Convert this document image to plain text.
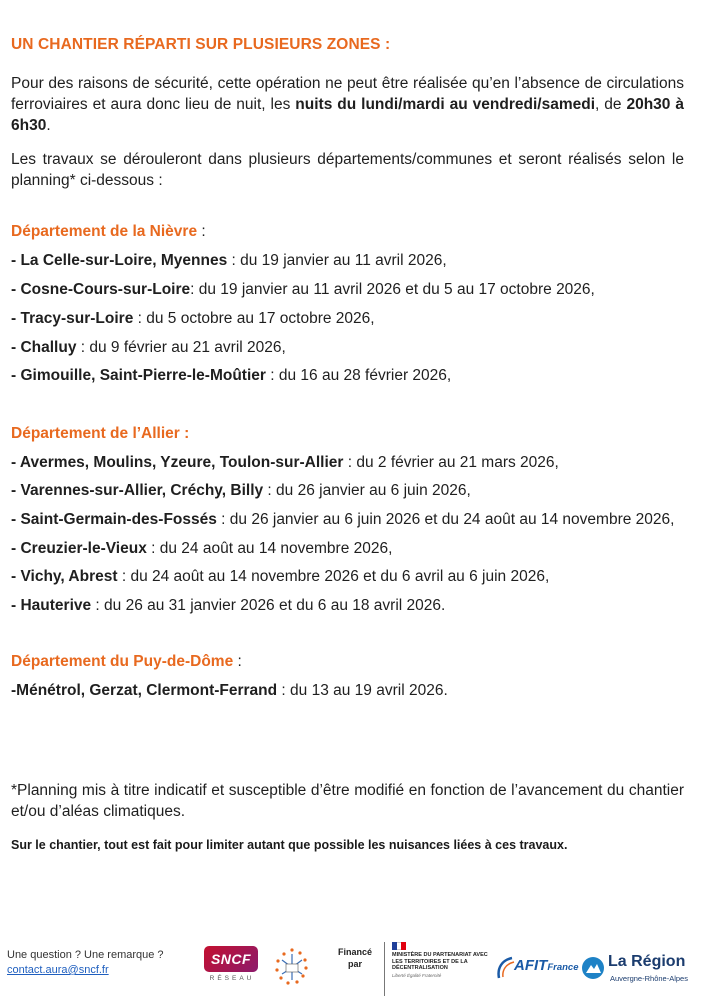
UN CHANTIER RÉPARTI SUR PLUSIEURS ZONES :
Pour des raisons de sécurité, cette opération ne peut être réalisée qu’en l’absence de circulations ferroviaires et aura donc lieu de nuit, les nuits du lundi/mardi au vendredi/samedi, de 20h30 à 6h30.
Les travaux se dérouleront dans plusieurs départements/communes et seront réalisés selon le planning* ci-dessous :
Département de la Nièvre :
- La Celle-sur-Loire, Myennes : du 19 janvier au 11 avril 2026,
- Cosne-Cours-sur-Loire: du 19 janvier au 11 avril 2026 et du 5 au 17 octobre 2026,
- Tracy-sur-Loire : du 5 octobre au 17 octobre 2026,
- Challuy : du 9 février au 21 avril 2026,
- Gimouille, Saint-Pierre-le-Moûtier : du 16 au 28 février 2026,
Département de l’Allier :
- Avermes, Moulins, Yzeure, Toulon-sur-Allier : du 2 février au 21 mars 2026,
- Varennes-sur-Allier, Créchy, Billy : du 26 janvier au 6 juin 2026,
- Saint-Germain-des-Fossés : du 26 janvier au 6 juin 2026 et du 24 août au 14 novembre 2026,
- Creuzier-le-Vieux : du 24 août au 14 novembre 2026,
- Vichy, Abrest : du 24 août au 14 novembre 2026 et du 6 avril au 6 juin 2026,
- Hauterive : du 26 au 31 janvier 2026 et du 6 au 18 avril 2026.
Département du Puy-de-Dôme :
-Ménétrol, Gerzat, Clermont-Ferrand : du 13 au 19 avril 2026.
*Planning mis à titre indicatif et susceptible d’être modifié en fonction de l’avancement du chantier et/ou d’aléas climatiques.
Sur le chantier, tout est fait pour limiter autant que possible les nuisances liées à ces travaux.
Une question ? Une remarque ?
contact.aura@sncf.fr
SNCF
RÉSEAU
Financé par
MINISTÈRE DU PARTENARIAT AVEC LES TERRITOIRES ET DE LA DÉCENTRALISATION
Liberté Égalité Fraternité
AFITFrance La Région
Auvergne-Rhône-Alpes
